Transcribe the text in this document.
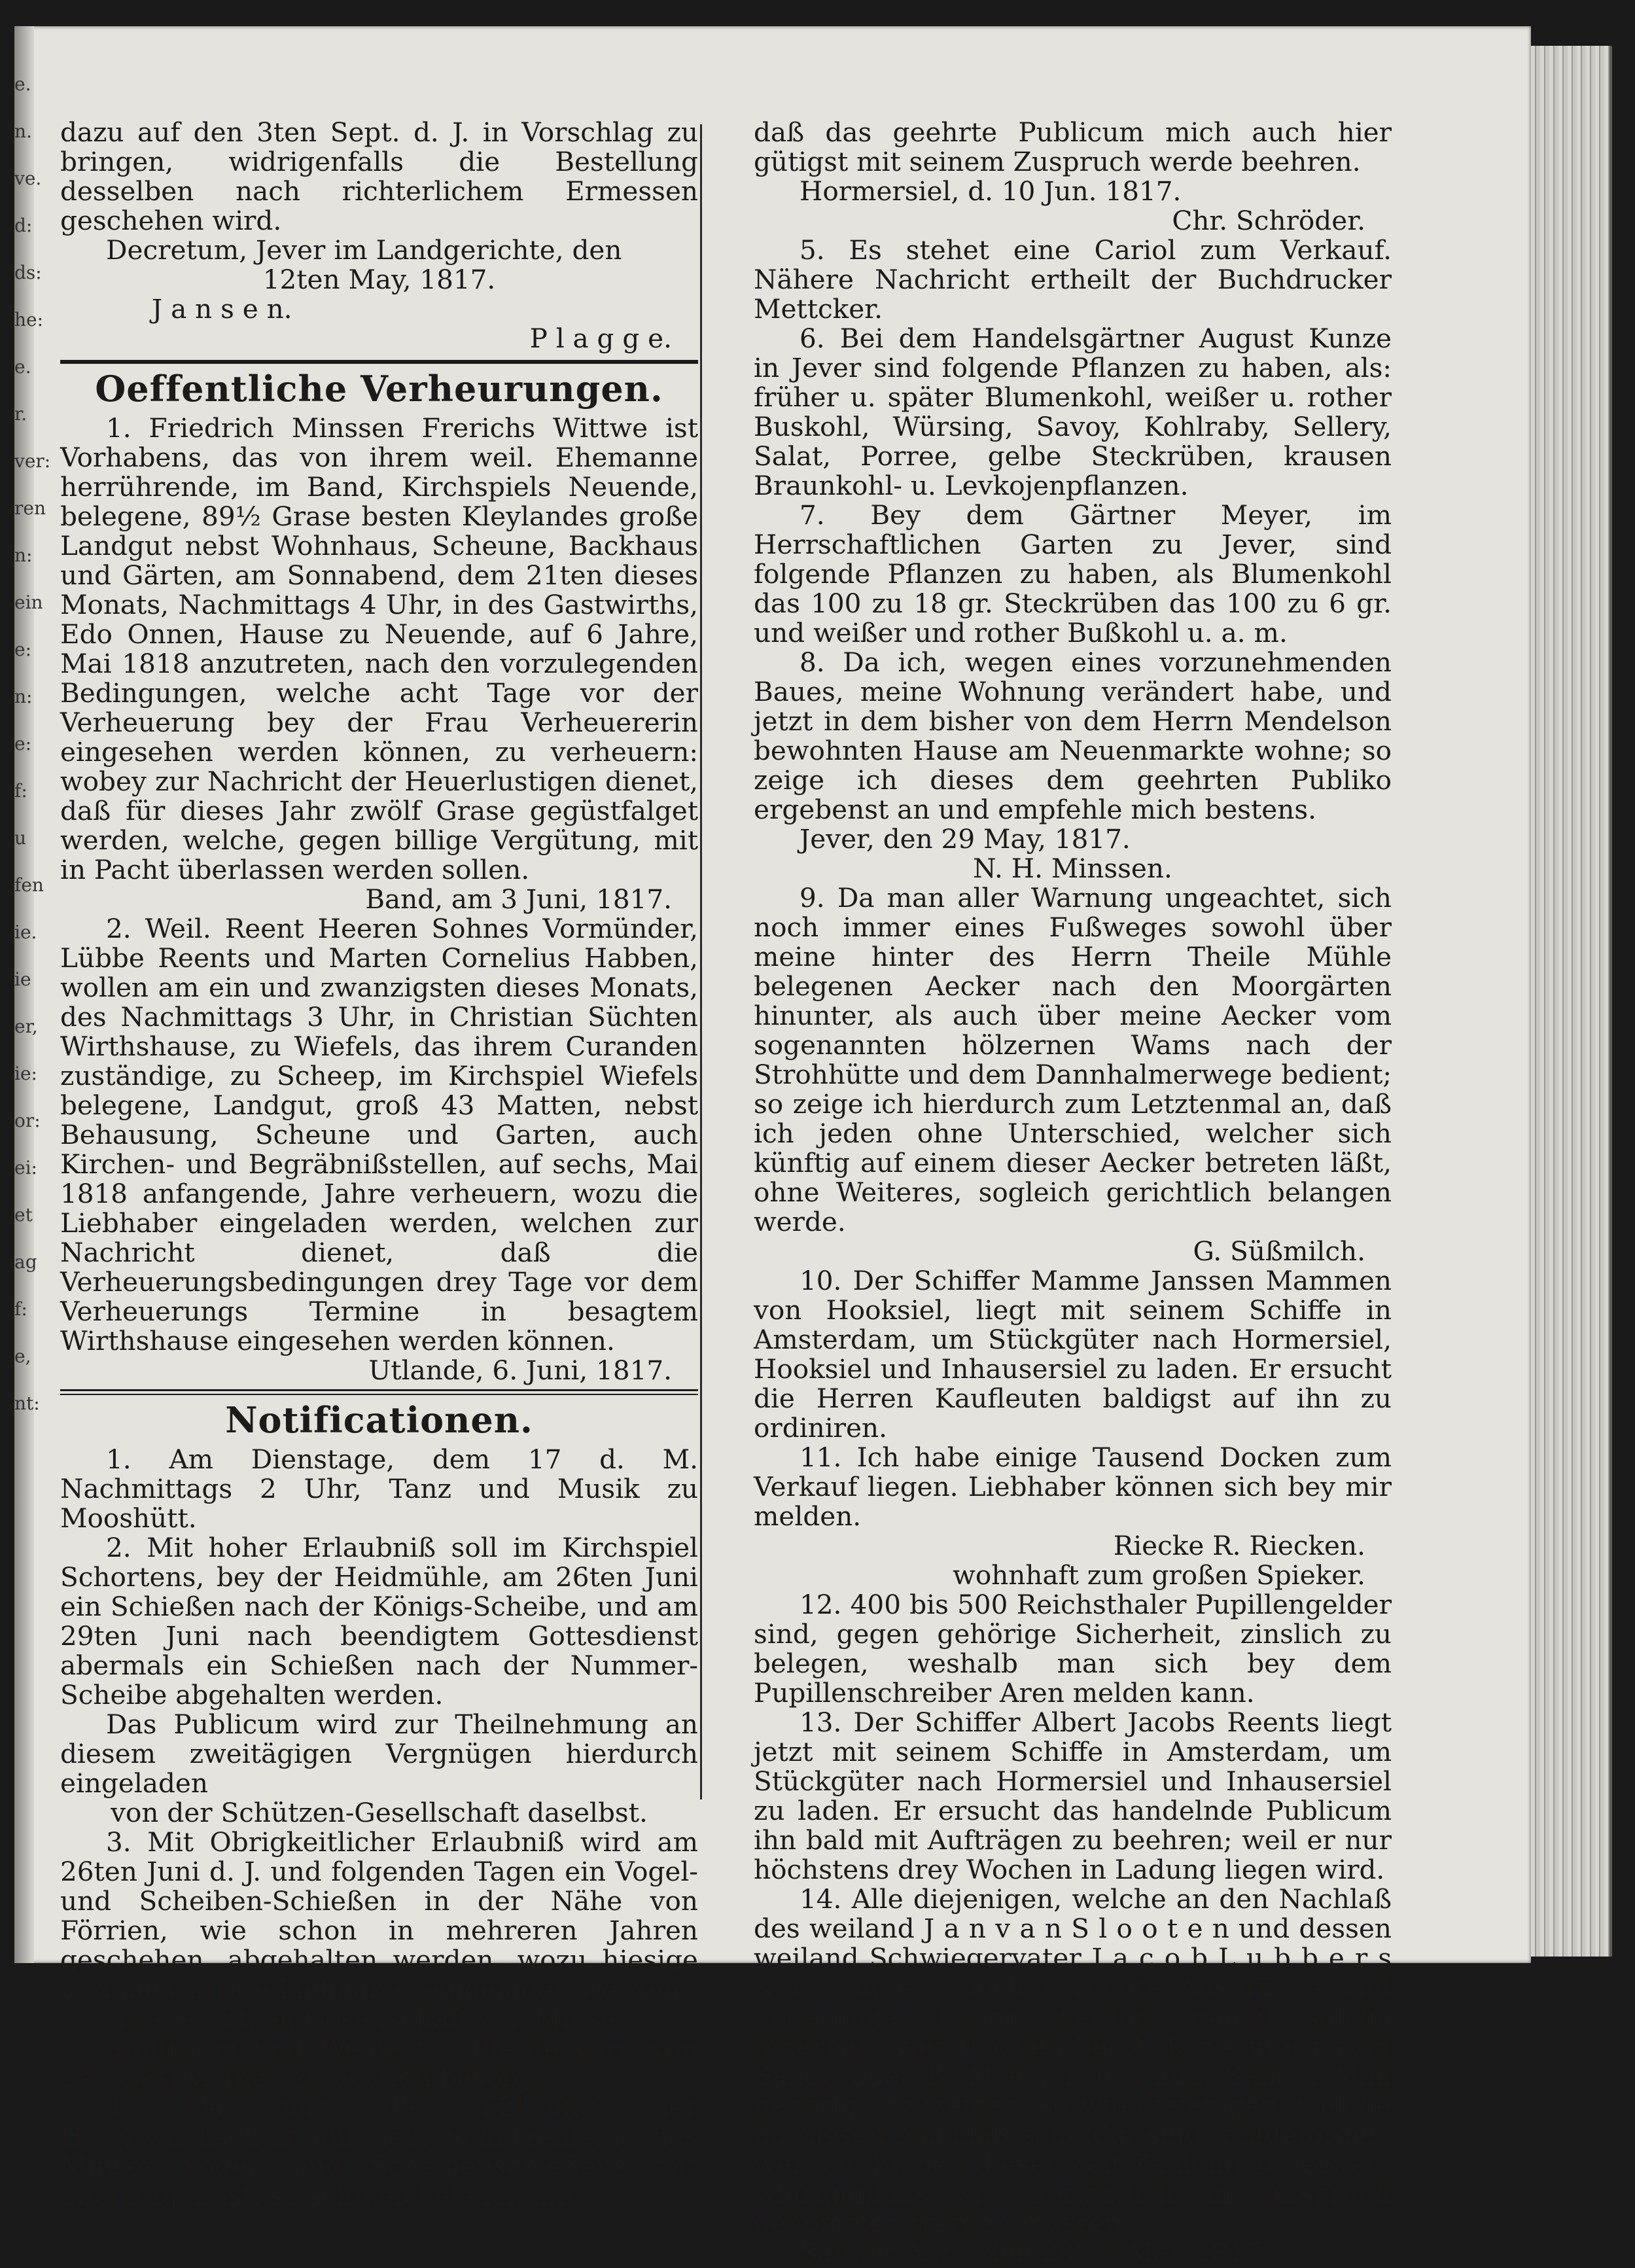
e.
n.
ve.
d:
ds:
he:
e.
r.
ver:
ren
n:
ein
e:
n:
e:
f:
u
fen
ie.
ie
er,
ie:
or:
ei:
et
ag
f:
e,
nt:

dazu auf den 3ten Sept. d. J. in Vorschlag zu bringen, widrigenfalls die Bestellung desselben nach richterlichem Ermessen geschehen wird.

Decretum, Jever im Landgerichte, den

12ten May, 1817.

J a n s e n.

P l a g g e.

Oeffentliche Verheurungen.

1. Friedrich Minssen Frerichs Wittwe ist Vorhabens, das von ihrem weil. Ehemanne herrührende, im Band, Kirchspiels Neuende, belegene, 89½ Grase besten Kleylandes große Landgut nebst Wohnhaus, Scheune, Backhaus und Gärten, am Sonnabend, dem 21ten dieses Monats, Nachmittags 4 Uhr, in des Gastwirths, Edo Onnen, Hause zu Neuende, auf 6 Jahre, Mai 1818 anzutreten, nach den vorzulegenden Bedingungen, welche acht Tage vor der Verheuerung bey der Frau Verheuererin eingesehen werden können, zu verheuern: wobey zur Nachricht der Heuerlustigen dienet, daß für dieses Jahr zwölf Grase gegüstfalget werden, welche, gegen billige Vergütung, mit in Pacht überlassen werden sollen.

Band, am 3 Juni, 1817.

2. Weil. Reent Heeren Sohnes Vormünder, Lübbe Reents und Marten Cornelius Habben, wollen am ein und zwanzigsten dieses Monats, des Nachmittags 3 Uhr, in Christian Süchten Wirthshause, zu Wiefels, das ihrem Curanden zuständige, zu Scheep, im Kirchspiel Wiefels belegene, Landgut, groß 43 Matten, nebst Behausung, Scheune und Garten, auch Kirchen- und Begräbnißstellen, auf sechs, Mai 1818 anfangende, Jahre verheuern, wozu die Liebhaber eingeladen werden, welchen zur Nachricht dienet, daß die Verheuerungsbedingungen drey Tage vor dem Verheuerungs Termine in besagtem Wirthshause eingesehen werden können.

Utlande, 6. Juni, 1817.

Notificationen.

1. Am Dienstage, dem 17 d. M. Nachmittags 2 Uhr, Tanz und Musik zu Mooshütt.

2. Mit hoher Erlaubniß soll im Kirchspiel Schortens, bey der Heidmühle, am 26ten Juni ein Schießen nach der Königs-Scheibe, und am 29ten Juni nach beendigtem Gottesdienst abermals ein Schießen nach der Nummer-Scheibe abgehalten werden.

Das Publicum wird zur Theilnehmung an diesem zweitägigen Vergnügen hierdurch eingeladen

von der Schützen-Gesellschaft daselbst.

3. Mit Obrigkeitlicher Erlaubniß wird am 26ten Juni d. J. und folgenden Tagen ein Vogel- und Scheiben-Schießen in der Nähe von Förrien, wie schon in mehreren Jahren geschehen, abgehalten werden, wozu hiesige und auswärtige Liebhaber eingeladen werden.

Die Schützen-Gesellschaft von Minsen.

Stallraum und Weide für Pferde wird von den Gastwirthen zu Förrien besorgt.

4. Da mir die Führung der Hauptwirthschaft auf dem Schützenfelde des Minser Vogel- und Scheibenschießens mit übertragen ist: so schmeichele ich mir,

daß das geehrte Publicum mich auch hier gütigst mit seinem Zuspruch werde beehren.

Hormersiel, d. 10 Jun. 1817.

Chr. Schröder.

5. Es stehet eine Cariol zum Verkauf. Nähere Nachricht ertheilt der Buchdrucker Mettcker.

6. Bei dem Handelsgärtner August Kunze in Jever sind folgende Pflanzen zu haben, als: früher u. später Blumenkohl, weißer u. rother Buskohl, Würsing, Savoy, Kohlraby, Sellery, Salat, Porree, gelbe Steckrüben, krausen Braunkohl- u. Levkojenpflanzen.

7. Bey dem Gärtner Meyer, im Herrschaftlichen Garten zu Jever, sind folgende Pflanzen zu haben, als Blumenkohl das 100 zu 18 gr. Steckrüben das 100 zu 6 gr. und weißer und rother Bußkohl u. a. m.

8. Da ich, wegen eines vorzunehmenden Baues, meine Wohnung verändert habe, und jetzt in dem bisher von dem Herrn Mendelson bewohnten Hause am Neuenmarkte wohne; so zeige ich dieses dem geehrten Publiko ergebenst an und empfehle mich bestens.

Jever, den 29 May, 1817.

N. H. Minssen.

9. Da man aller Warnung ungeachtet, sich noch immer eines Fußweges sowohl über meine hinter des Herrn Theile Mühle belegenen Aecker nach den Moorgärten hinunter, als auch über meine Aecker vom sogenannten hölzernen Wams nach der Strohhütte und dem Dannhalmerwege bedient; so zeige ich hierdurch zum Letztenmal an, daß ich jeden ohne Unterschied, welcher sich künftig auf einem dieser Aecker betreten läßt, ohne Weiteres, sogleich gerichtlich belangen werde.

G. Süßmilch.

10. Der Schiffer Mamme Janssen Mammen von Hooksiel, liegt mit seinem Schiffe in Amsterdam, um Stückgüter nach Hormersiel, Hooksiel und Inhausersiel zu laden. Er ersucht die Herren Kaufleuten baldigst auf ihn zu ordiniren.

11. Ich habe einige Tausend Docken zum Verkauf liegen. Liebhaber können sich bey mir melden.

Riecke R. Riecken.

wohnhaft zum großen Spieker.

12. 400 bis 500 Reichsthaler Pupillengelder sind, gegen gehörige Sicherheit, zinslich zu belegen, weshalb man sich bey dem Pupillenschreiber Aren melden kann.

13. Der Schiffer Albert Jacobs Reents liegt jetzt mit seinem Schiffe in Amsterdam, um Stückgüter nach Hormersiel und Inhausersiel zu laden. Er ersucht das handelnde Publicum ihn bald mit Aufträgen zu beehren; weil er nur höchstens drey Wochen in Ladung liegen wird.

14. Alle diejenigen, welche an den Nachlaß des weiland J a n v a n S l o o t e n und dessen weiland Schwiegervater J a c o b L u b b e r s K r e m e r noch gerechte Ansprüche und Foderungen haben, werden ersucht, solche innerhalb vier Wochen bei A. K r e m e r zum Sande oder B. M e y n e n zum Sander-Ahm gehörig anzuzeigen; so wie diejenigen, welche an diesen Nachlaß schuldig sind, aufgefordert werden, binnen dieser Zeit Zahlung zu leisten; widrigenfalls sie gerichtlich in Anspruch genommen werden müssen.

Sander-Ahm, den 20ten Mai, 1817.
